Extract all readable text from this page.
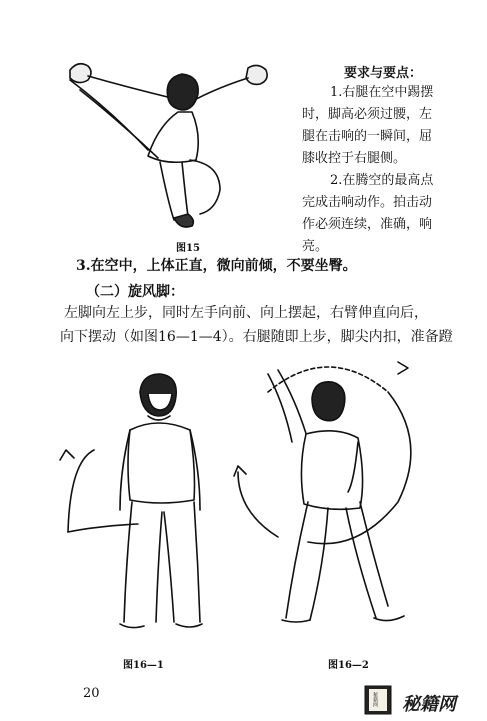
图15
要求与要点：
1.右腿在空中踢摆
时，脚高必须过腰，左
腿在击响的一瞬间，屈
膝收控于右腿侧。
2.在腾空的最高点
完成击响动作。拍击动
作必须连续，准确，响
亮。
3.在空中，上体正直，微向前倾，不要坐臀。
（二）旋风脚：
左脚向左上步，同时左手向前、向上摆起，右臂伸直向后，
向下摆动（如图16—1—4）。右腿随即上步，脚尖内扣，准备蹬
图16—1	图16—2
20	秘籍网 秘籍网
